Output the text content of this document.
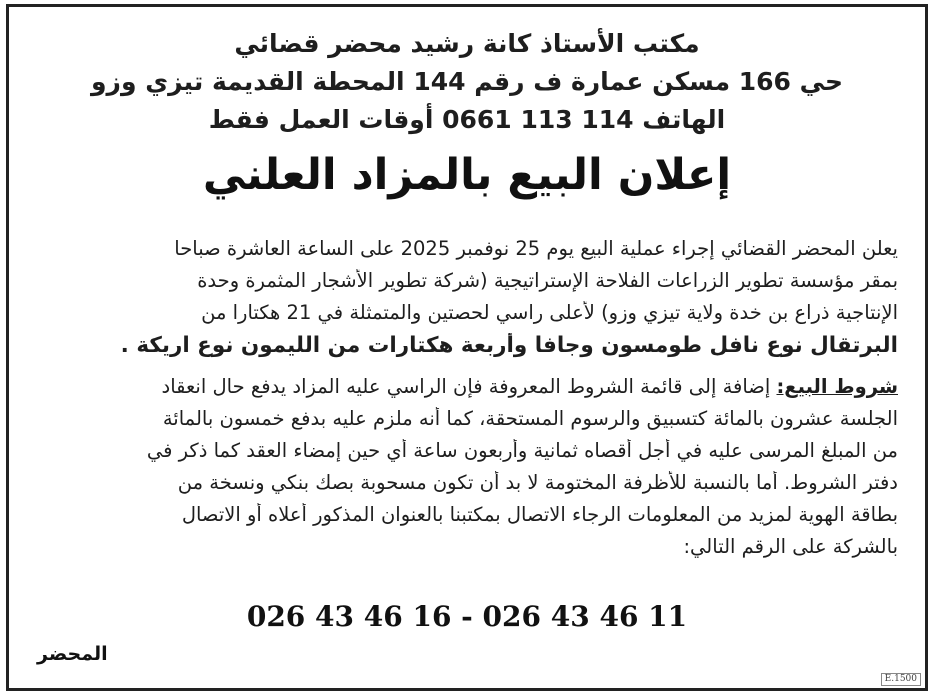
مكتب الأستاذ كانة رشيد محضر قضائي
حي 166 مسكن عمارة ف رقم 144 المحطة القديمة تيزي وزو
الهاتف 114 113 0661 أوقات العمل فقط
إعلان البيع بالمزاد العلني
يعلن المحضر القضائي إجراء عملية البيع يوم 25 نوفمبر 2025 على الساعة العاشرة صباحا
بمقر مؤسسة تطوير الزراعات الفلاحة الإستراتيجية (شركة تطوير الأشجار المثمرة وحدة
الإنتاجية ذراع بن خدة ولاية تيزي وزو) لأعلى راسي لحصتين والمتمثلة في 21 هكتارا من
البرتقال نوع نافل طومسون وجافا وأربعة هكتارات من الليمون نوع اريكة .
شروط البيع: إضافة إلى قائمة الشروط المعروفة فإن الراسي عليه المزاد يدفع حال انعقاد
الجلسة عشرون بالمائة كتسبيق والرسوم المستحقة، كما أنه ملزم عليه بدفع خمسون بالمائة
من المبلغ المرسى عليه في أجل أقصاه ثمانية وأربعون ساعة أي حين إمضاء العقد كما ذكر في
دفتر الشروط. أما بالنسبة للأظرفة المختومة لا بد أن تكون مسحوبة بصك بنكي ونسخة من
بطاقة الهوية لمزيد من المعلومات الرجاء الاتصال بمكتبنا بالعنوان المذكور أعلاه أو الاتصال
بالشركة على الرقم التالي:
026 43 46 16 - 026 43 46 11
المحضر
E.1500
